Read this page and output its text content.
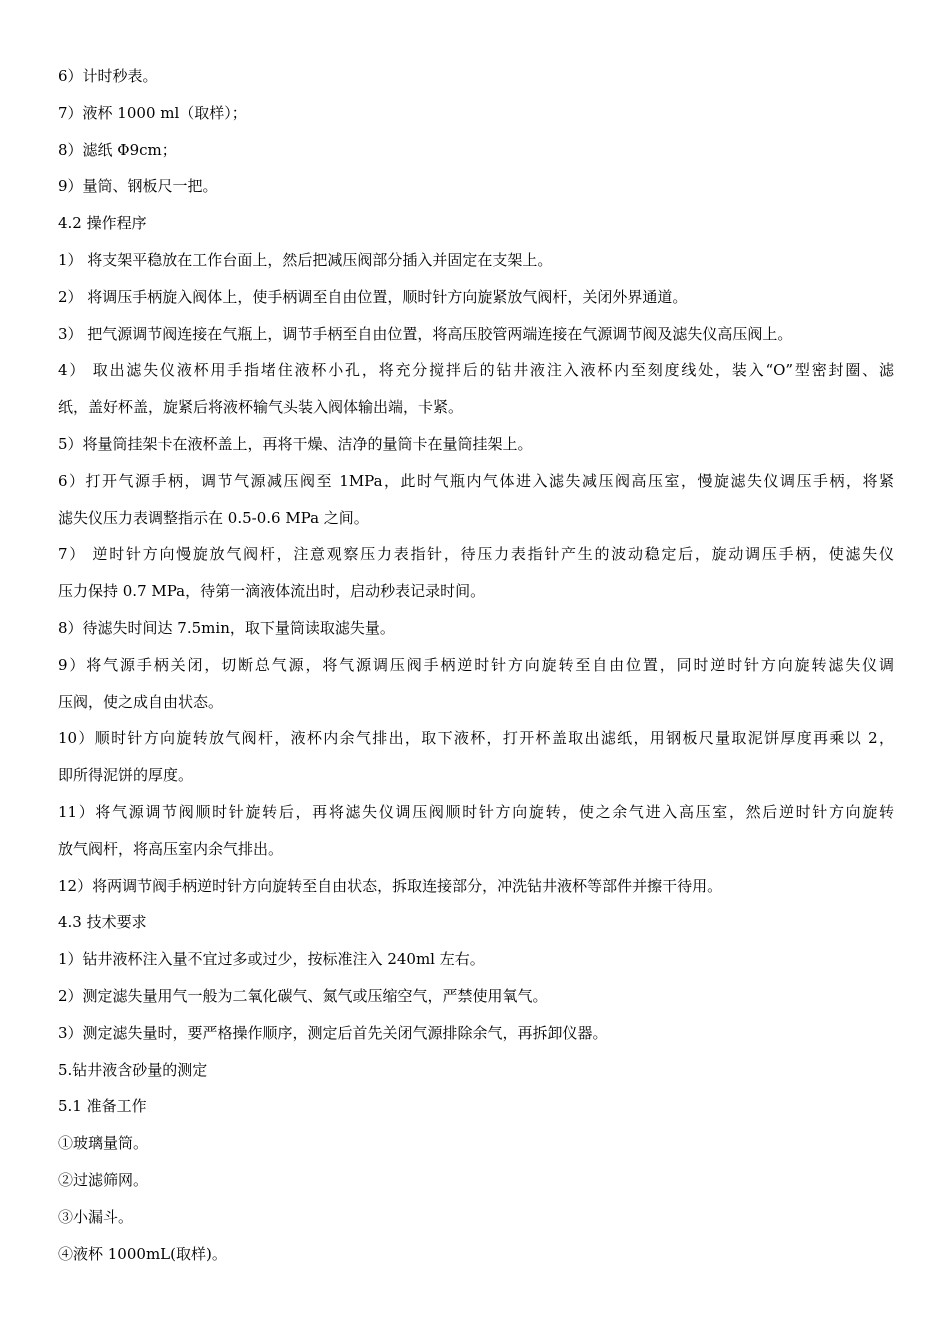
6）计时秒表。
7）液杯 1000 ml（取样）；
8）滤纸 Φ9cm；
9）量筒、钢板尺一把。
4.2 操作程序
1） 将支架平稳放在工作台面上，然后把减压阀部分插入并固定在支架上。
2） 将调压手柄旋入阀体上，使手柄调至自由位置，顺时针方向旋紧放气阀杆，关闭外界通道。
3） 把气源调节阀连接在气瓶上，调节手柄至自由位置，将高压胶管两端连接在气源调节阀及滤失仪高压阀上。
4） 取出滤失仪液杯用手指堵住液杯小孔，将充分搅拌后的钻井液注入液杯内至刻度线处，装入“O”型密封圈、滤
纸，盖好杯盖，旋紧后将液杯输气头装入阀体输出端，卡紧。
5）将量筒挂架卡在液杯盖上，再将干燥、洁净的量筒卡在量筒挂架上。
6）打开气源手柄，调节气源减压阀至 1MPa，此时气瓶内气体进入滤失减压阀高压室，慢旋滤失仪调压手柄，将紧
滤失仪压力表调整指示在 0.5-0.6 MPa 之间。
7） 逆时针方向慢旋放气阀杆，注意观察压力表指针，待压力表指针产生的波动稳定后，旋动调压手柄，使滤失仪
压力保持 0.7 MPa，待第一滴液体流出时，启动秒表记录时间。
8）待滤失时间达 7.5min，取下量筒读取滤失量。
9）将气源手柄关闭，切断总气源，将气源调压阀手柄逆时针方向旋转至自由位置，同时逆时针方向旋转滤失仪调
压阀，使之成自由状态。
10）顺时针方向旋转放气阀杆，液杯内余气排出，取下液杯，打开杯盖取出滤纸，用钢板尺量取泥饼厚度再乘以 2，
即所得泥饼的厚度。
11）将气源调节阀顺时针旋转后，再将滤失仪调压阀顺时针方向旋转，使之余气进入高压室，然后逆时针方向旋转
放气阀杆，将高压室内余气排出。
12）将两调节阀手柄逆时针方向旋转至自由状态，拆取连接部分，冲洗钻井液杯等部件并擦干待用。
4.3 技术要求
1）钻井液杯注入量不宜过多或过少，按标准注入 240ml 左右。
2）测定滤失量用气一般为二氧化碳气、氮气或压缩空气，严禁使用氧气。
3）测定滤失量时，要严格操作顺序，测定后首先关闭气源排除余气，再拆卸仪器。
5.钻井液含砂量的测定
5.1 准备工作
①玻璃量筒。
②过滤筛网。
③小漏斗。
④液杯 1000mL(取样)。
